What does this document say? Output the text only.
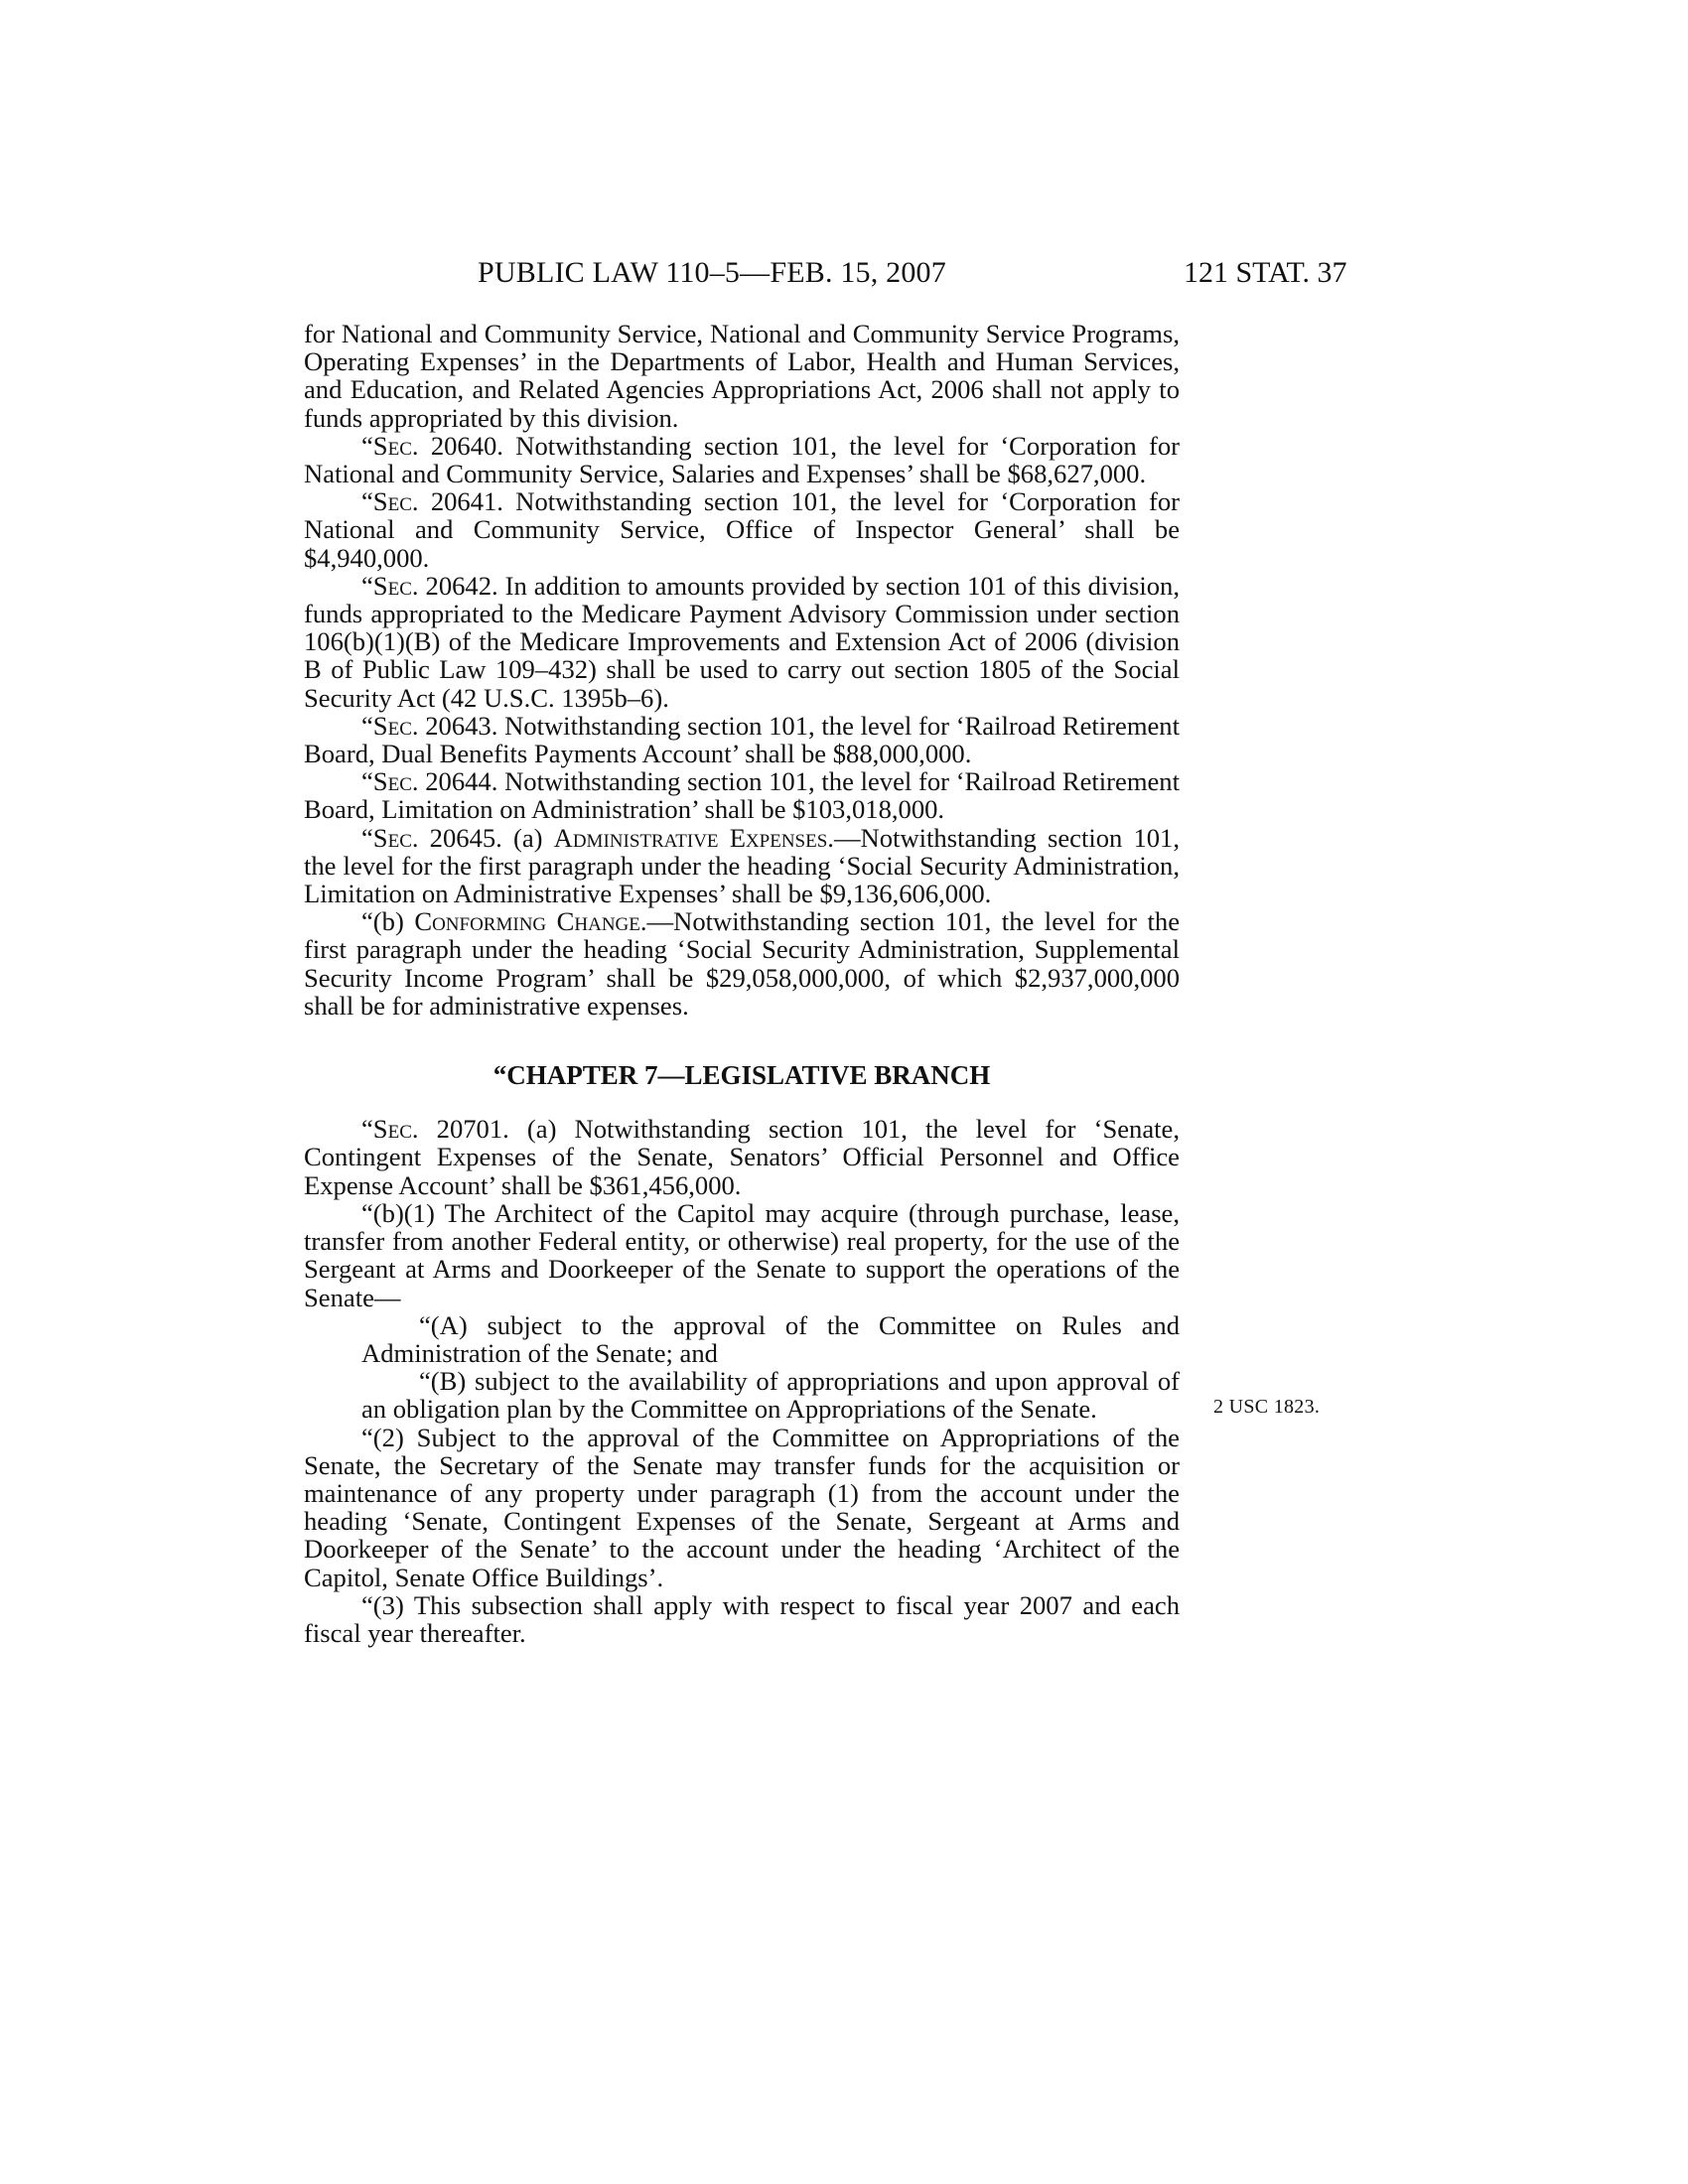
PUBLIC LAW 110–5—FEB. 15, 2007	121 STAT. 37

for National and Community Service, National and Community Service Programs, Operating Expenses’ in the Departments of Labor, Health and Human Services, and Education, and Related Agencies Appropriations Act, 2006 shall not apply to funds appropriated by this division.

“Sec. 20640. Notwithstanding section 101, the level for ‘Corporation for National and Community Service, Salaries and Expenses’ shall be $68,627,000.

“Sec. 20641. Notwithstanding section 101, the level for ‘Corporation for National and Community Service, Office of Inspector General’ shall be $4,940,000.

“Sec. 20642. In addition to amounts provided by section 101 of this division, funds appropriated to the Medicare Payment Advisory Commission under section 106(b)(1)(B) of the Medicare Improvements and Extension Act of 2006 (division B of Public Law 109–432) shall be used to carry out section 1805 of the Social Security Act (42 U.S.C. 1395b–6).

“Sec. 20643. Notwithstanding section 101, the level for ‘Railroad Retirement Board, Dual Benefits Payments Account’ shall be $88,000,000.

“Sec. 20644. Notwithstanding section 101, the level for ‘Railroad Retirement Board, Limitation on Administration’ shall be $103,018,000.

“Sec. 20645. (a) Administrative Expenses.—Notwithstanding section 101, the level for the first paragraph under the heading ‘Social Security Administration, Limitation on Administrative Expenses’ shall be $9,136,606,000.

“(b) Conforming Change.—Notwithstanding section 101, the level for the first paragraph under the heading ‘Social Security Administration, Supplemental Security Income Program’ shall be $29,058,000,000, of which $2,937,000,000 shall be for administrative expenses.

“CHAPTER 7—LEGISLATIVE BRANCH

“Sec. 20701. (a) Notwithstanding section 101, the level for ‘Senate, Contingent Expenses of the Senate, Senators’ Official Personnel and Office Expense Account’ shall be $361,456,000.

“(b)(1) The Architect of the Capitol may acquire (through purchase, lease, transfer from another Federal entity, or otherwise) real property, for the use of the Sergeant at Arms and Doorkeeper of the Senate to support the operations of the Senate—

“(A) subject to the approval of the Committee on Rules and Administration of the Senate; and

“(B) subject to the availability of appropriations and upon approval of an obligation plan by the Committee on Appropriations of the Senate.

“(2) Subject to the approval of the Committee on Appropriations of the Senate, the Secretary of the Senate may transfer funds for the acquisition or maintenance of any property under paragraph (1) from the account under the heading ‘Senate, Contingent Expenses of the Senate, Sergeant at Arms and Doorkeeper of the Senate’ to the account under the heading ‘Architect of the Capitol, Senate Office Buildings’.

“(3) This subsection shall apply with respect to fiscal year 2007 and each fiscal year thereafter.

2 USC 1823.
